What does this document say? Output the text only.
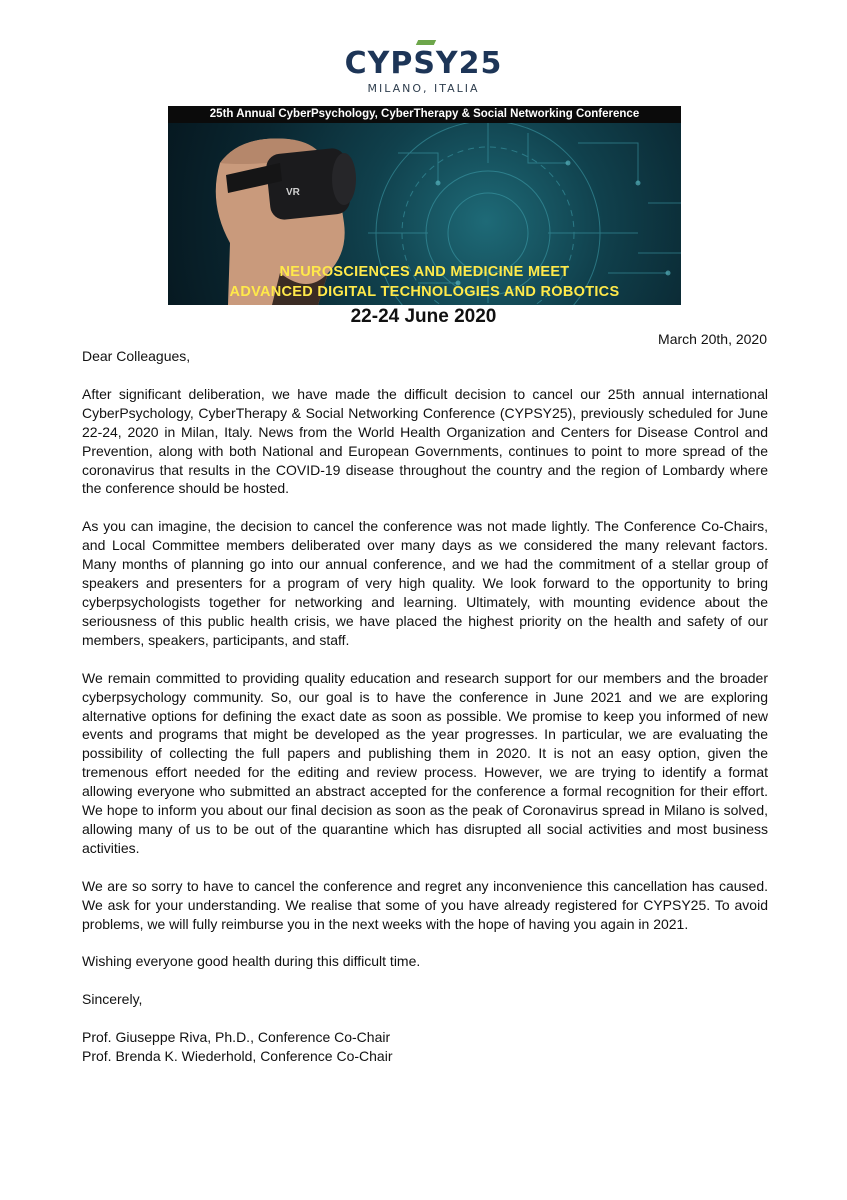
CYPSY25
MILANO, ITALIA
25th Annual CyberPsychology, CyberTherapy & Social Networking Conference
VR
NEUROSCIENCES AND MEDICINE MEET
ADVANCED DIGITAL TECHNOLOGIES AND ROBOTICS
22-24 June 2020
March 20th, 2020

Dear Colleagues,

After significant deliberation, we have made the difficult decision to cancel our 25th annual international CyberPsychology, CyberTherapy & Social Networking Conference (CYPSY25), previously scheduled for June 22-24, 2020 in Milan, Italy. News from the World Health Organization and Centers for Disease Control and Prevention, along with both National and European Governments, continues to point to more spread of the coronavirus that results in the COVID-19 disease throughout the country and the region of Lombardy where the conference should be hosted.

As you can imagine, the decision to cancel the conference was not made lightly. The Conference Co-Chairs, and Local Committee members deliberated over many days as we considered the many relevant factors. Many months of planning go into our annual conference, and we had the commitment of a stellar group of speakers and presenters for a program of very high quality. We look forward to the opportunity to bring cyberpsychologists together for networking and learning. Ultimately, with mounting evidence about the seriousness of this public health crisis, we have placed the highest priority on the health and safety of our members, speakers, participants, and staff.

We remain committed to providing quality education and research support for our members and the broader cyberpsychology community. So, our goal is to have the conference in June 2021 and we are exploring alternative options for defining the exact date as soon as possible. We promise to keep you informed of new events and programs that might be developed as the year progresses. In particular, we are evaluating the possibility of collecting the full papers and publishing them in 2020. It is not an easy option, given the tremenous effort needed for the editing and review process. However, we are trying to identify a format allowing everyone who submitted an abstract accepted for the conference a formal recognition for their effort. We hope to inform you about our final decision as soon as the peak of Coronavirus spread in Milano is solved, allowing many of us to be out of the quarantine which has disrupted all social activities and most business activities.

We are so sorry to have to cancel the conference and regret any inconvenience this cancellation has caused. We ask for your understanding. We realise that some of you have already registered for CYPSY25. To avoid problems, we will fully reimburse you in the next weeks with the hope of having you again in 2021.

Wishing everyone good health during this difficult time.

Sincerely,

Prof. Giuseppe Riva, Ph.D., Conference Co-Chair

Prof. Brenda K. Wiederhold, Conference Co-Chair
